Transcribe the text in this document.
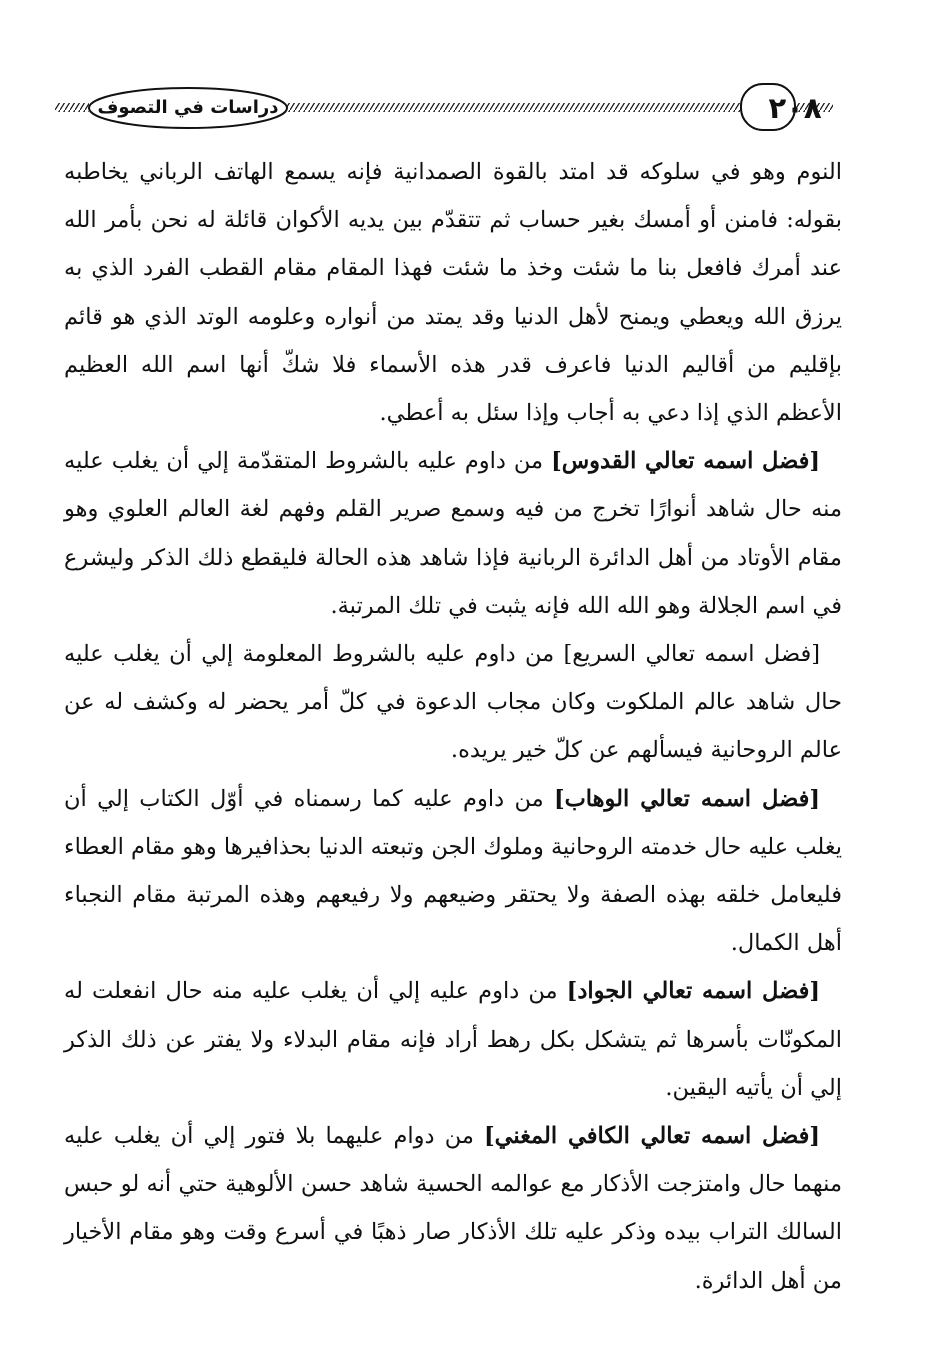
٢٠٨
دراسات في التصوف

النوم وهو في سلوكه قد امتد بالقوة الصمدانية فإنه يسمع الهاتف الرباني يخاطبه بقوله: فامنن أو أمسك بغير حساب ثم تتقدّم بين يديه الأكوان قائلة له نحن بأمر الله عند أمرك فافعل بنا ما شئت وخذ ما شئت فهذا المقام مقام القطب الفرد الذي به يرزق الله ويعطي ويمنح لأهل الدنيا وقد يمتد من أنواره وعلومه الوتد الذي هو قائم بإقليم من أقاليم الدنيا فاعرف قدر هذه الأسماء فلا شكّ أنها اسم الله العظيم الأعظم الذي إذا دعي به أجاب وإذا سئل به أعطي.

[فضل اسمه تعالي القدوس] من داوم عليه بالشروط المتقدّمة إلي أن يغلب عليه منه حال شاهد أنوارًا تخرج من فيه وسمع صرير القلم وفهم لغة العالم العلوي وهو مقام الأوتاد من أهل الدائرة الربانية فإذا شاهد هذه الحالة فليقطع ذلك الذكر وليشرع في اسم الجلالة وهو الله الله فإنه يثبت في تلك المرتبة.

[فضل اسمه تعالي السريع] من داوم عليه بالشروط المعلومة إلي أن يغلب عليه حال شاهد عالم الملكوت وكان مجاب الدعوة في كلّ أمر يحضر له وكشف له عن عالم الروحانية فيسألهم عن كلّ خير يريده.

[فضل اسمه تعالي الوهاب] من داوم عليه كما رسمناه في أوّل الكتاب إلي أن يغلب عليه حال خدمته الروحانية وملوك الجن وتبعته الدنيا بحذافيرها وهو مقام العطاء فليعامل خلقه بهذه الصفة ولا يحتقر وضيعهم ولا رفيعهم وهذه المرتبة مقام النجباء أهل الكمال.

[فضل اسمه تعالي الجواد] من داوم عليه إلي أن يغلب عليه منه حال انفعلت له المكونّات بأسرها ثم يتشكل بكل رهط أراد فإنه مقام البدلاء ولا يفتر عن ذلك الذكر إلي أن يأتيه اليقين.

[فضل اسمه تعالي الكافي المغني] من دوام عليهما بلا فتور إلي أن يغلب عليه منهما حال وامتزجت الأذكار مع عوالمه الحسية شاهد حسن الألوهية حتي أنه لو حبس السالك التراب بيده وذكر عليه تلك الأذكار صار ذهبًا في أسرع وقت وهو مقام الأخيار من أهل الدائرة.
